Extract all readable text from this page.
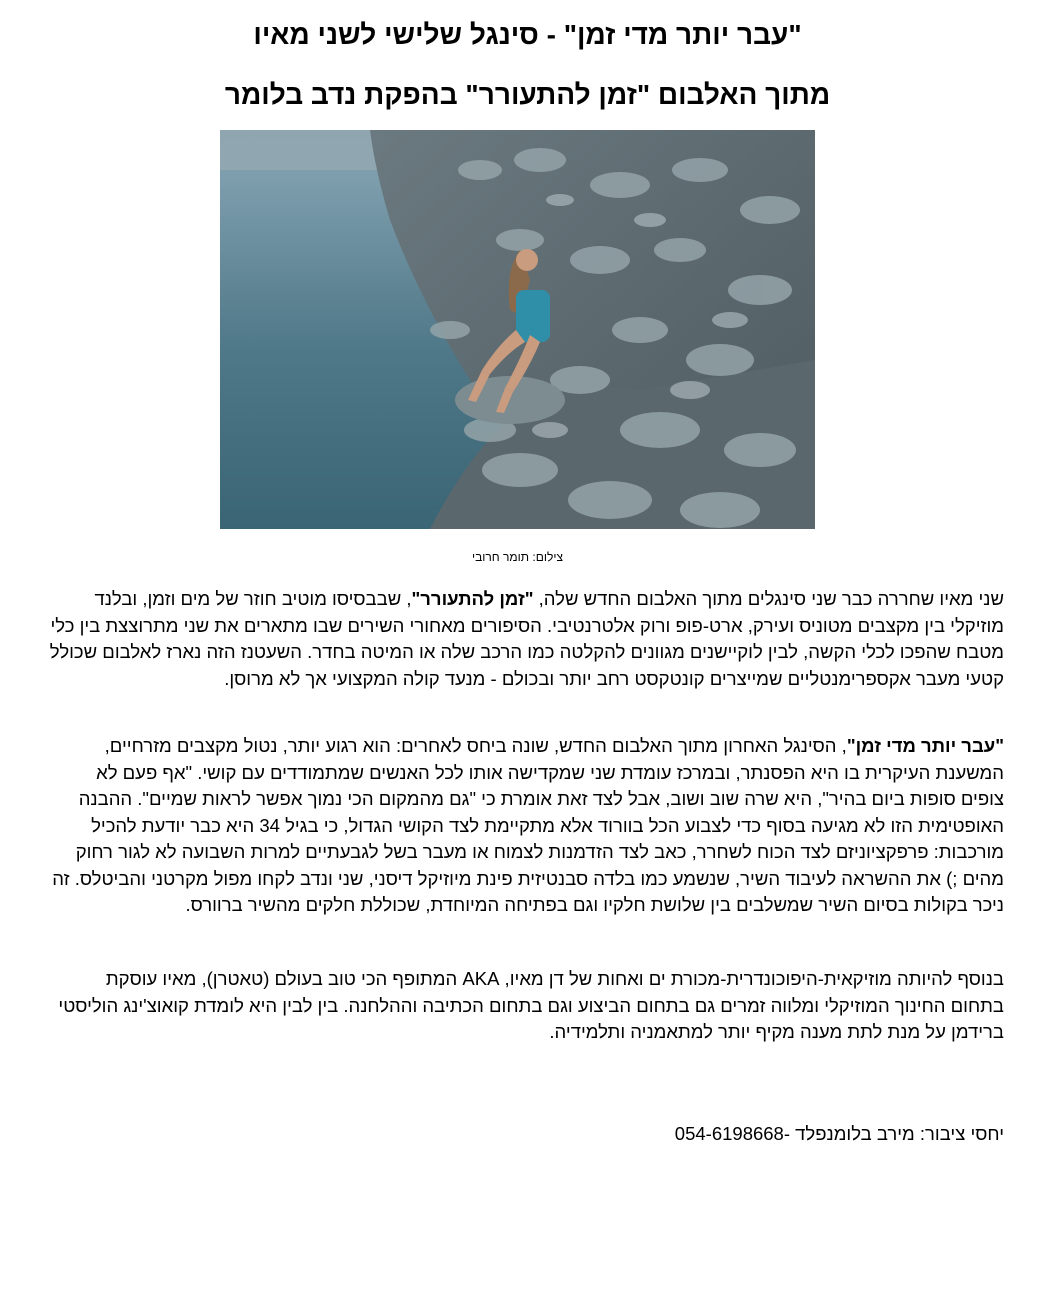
"עבר יותר מדי זמן" - סינגל שלישי לשני מאיו
מתוך האלבום "זמן להתעורר" בהפקת נדב בלומר
צילום: תומר חרובי

שני מאיו שחררה כבר שני סינגלים מתוך האלבום החדש שלה, "זמן להתעורר", שבבסיסו מוטיב חוזר של מים וזמן, ובלנד מוזיקלי בין מקצבים מטוניס ועירק, ארט-פופ ורוק אלטרנטיבי. הסיפורים מאחורי השירים שבו מתארים את שני מתרוצצת בין כלי מטבח שהפכו לכלי הקשה, לבין לוקיישנים מגוונים להקלטה כמו הרכב שלה או המיטה בחדר. השעטנז הזה נארז לאלבום שכולל קטעי מעבר אקספרימנטליים שמייצרים קונטקסט רחב יותר ובכולם - מנעד קולה המקצועי אך לא מרוסן.

"עבר יותר מדי זמן", הסינגל האחרון מתוך האלבום החדש, שונה ביחס לאחרים: הוא רגוע יותר, נטול מקצבים מזרחיים, המשענת העיקרית בו היא הפסנתר, ובמרכז עומדת שני שמקדישה אותו לכל האנשים שמתמודדים עם קושי. "אף פעם לא צופים סופות ביום בהיר", היא שרה שוב ושוב, אבל לצד זאת אומרת כי "גם מהמקום הכי נמוך אפשר לראות שמיים". ההבנה האופטימית הזו לא מגיעה בסוף כדי לצבוע הכל בוורוד אלא מתקיימת לצד הקושי הגדול, כי בגיל 34 היא כבר יודעת להכיל מורכבות: פרפקציוניזם לצד הכוח לשחרר, כאב לצד הזדמנות לצמוח או מעבר בשל לגבעתיים למרות השבועה לא לגור רחוק מהים ;) את ההשראה לעיבוד השיר, שנשמע כמו בלדה סבנטיזית פינת מיוזיקל דיסני, שני ונדב לקחו מפול מקרטני והביטלס. זה ניכר בקולות בסיום השיר שמשלבים בין שלושת חלקיו וגם בפתיחה המיוחדת, שכוללת חלקים מהשיר ברוורס.

בנוסף להיותה מוזיקאית-היפוכונדרית-מכורת ים ואחות של דן מאיו, AKA המתופף הכי טוב בעולם (טאטרן), מאיו עוסקת בתחום החינוך המוזיקלי ומלווה זמרים גם בתחום הביצוע וגם בתחום הכתיבה וההלחנה. בין לבין היא לומדת קואוצ'ינג הוליסטי ברידמן על מנת לתת מענה מקיף יותר למתאמניה ותלמידיה.

יחסי ציבור: מירב בלומנפלד -054-6198668
